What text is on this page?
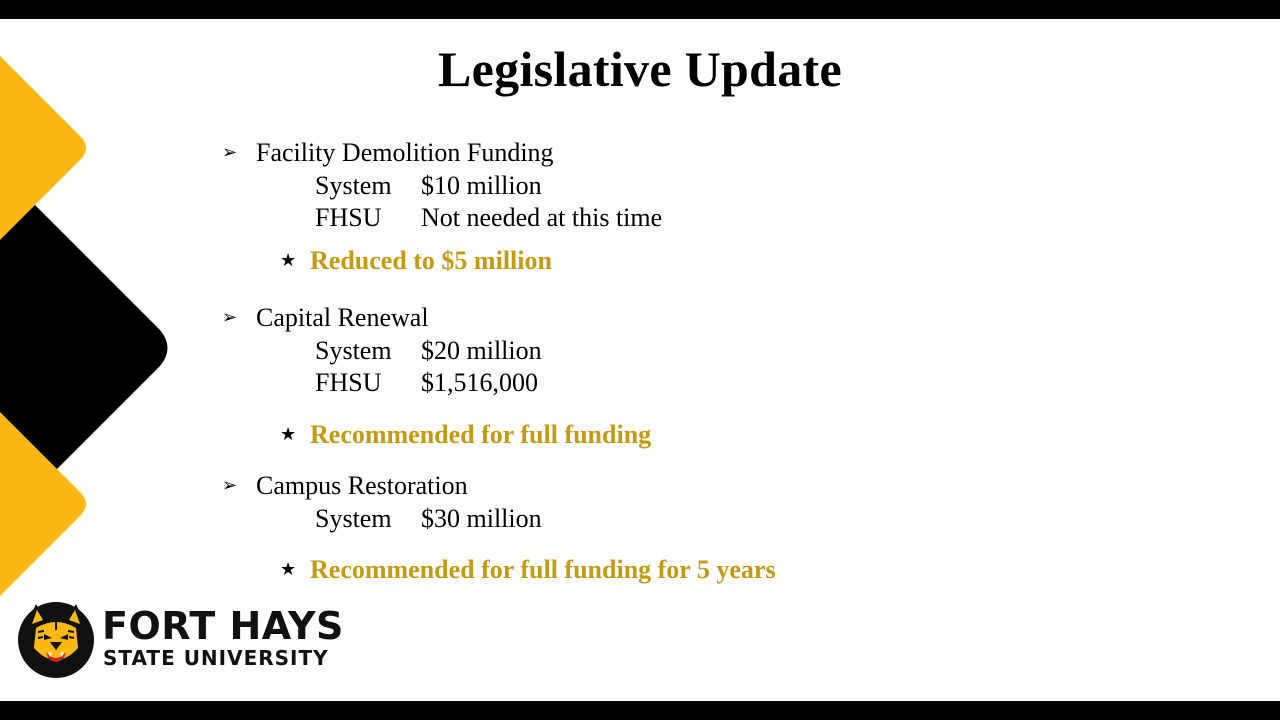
Legislative Update
➢ Facility Demolition Funding
System $10 million
FHSU Not needed at this time
★ Reduced to $5 million
➢ Capital Renewal
System $20 million
FHSU $1,516,000
★ Recommended for full funding
➢ Campus Restoration
System $30 million
★ Recommended for full funding for 5 years
FORT HAYS
STATE UNIVERSITY
